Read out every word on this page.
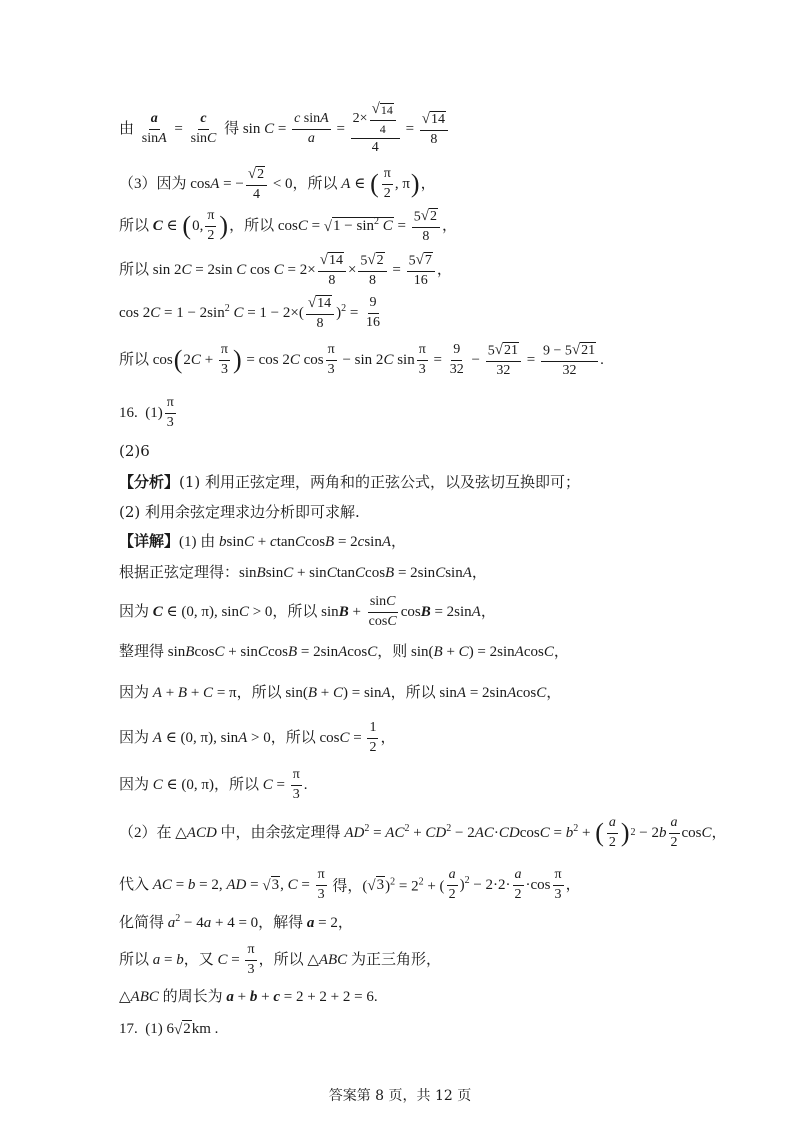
由 $\frac{a}{\sin A} = \frac{c}{\sin C}$ 得 $\sin C = \frac{\text{c sinA}}{a} = \frac{2\times \frac{√ 14}{4}}{4} = \frac{√ 14}{8}$
（3）因为 cosA = − $\frac{√ 2}{4} < 0$，所以 A ∈ ( $\frac{\pi}{2}$ , π ) ，
所以 C ∈ ( 0, $\frac{\pi}{2}$ ) ，所以 cosC = √ $1 - \sin^2 C = \frac{5 √ 2}{8}$ ，
所以 sin 2C = 2sin C $\cos C = 2\times \frac{√ 14}{8} \times \frac{5 √ 2}{8} = \frac{5 √ 7}{16}$ ，
$\cos 2C = 1 - 2\sin^2$ $C = 1 - 2\times( \frac{√ 14}{8} )^2 = \frac{9}{16}$
所以 cos ( $2C + \frac{\pi}{3}$ ) = cos 2C $\cos \frac{\pi}{3} - \sin 2C$ $\sin \frac{\pi}{3} = \frac{9}{32} - \frac{5 √ 21}{32} = \frac{9 - 5 √ 21}{32}$ .
16.  $(1) \frac{\pi}{3}$
(2)6
【分析】 (1) 利用正弦定理，两角和的正弦公式，以及弦切互换即可；
(2) 利用余弦定理求边分析即可求解.
【详解】 (1) 由 bsinC + ctanCcosB = 2csinA，
根据正弦定理得：sinBsinC + sinCtanCcosB = 2sinCsinA，
因为 C ∈ (0, π), sinC > 0，所以 $\sin B + \frac{\sin C}{\cos C}$ cosB = 2sinA，
整理得 sinBcosC + sinCcosB = 2sinAcosC，则 sin(B + C) = 2sinAcosC，
因为 A + B + C = π，所以 sin(B + C) = sinA，所以 sinA = 2sinAcosC，
因为 A ∈ (0, π), sinA > 0，所以 $\cos C = \frac{1}{2}$ ，
因为 C ∈ (0, π)，所以 $C = \frac{\pi}{3}$ .
（2）在 △ACD 中，由余弦定理得 $AD^2 = AC^2 + CD^2 - 2AC\cdot CDcosC = b^2$ + ( $\frac{a}{2}$ ) $2 - 2b \frac{a}{2}$ cosC，
代入 AC = b = 2, AD = √ 3 , $C = \frac{\pi}{3}$ 得，( √ 3 )$^2 = 2^2$ + ( $\frac{a}{2} )^2 - 2\cdot 2\cdot \frac{a}{2} \cdot\cos \frac{\pi}{3}$ ，
化简得 $a^2 - 4a + 4 = 0$，解得 a = 2，
所以 a = b，又 $C = \frac{\pi}{3}$ ，所以 △ABC 为正三角形，
△ABC 的周长为 a + b + c = 2 + 2 + 2 = 6.
17.  (1) 6 √ 2 km .
答案第 8 页，共 12 页
